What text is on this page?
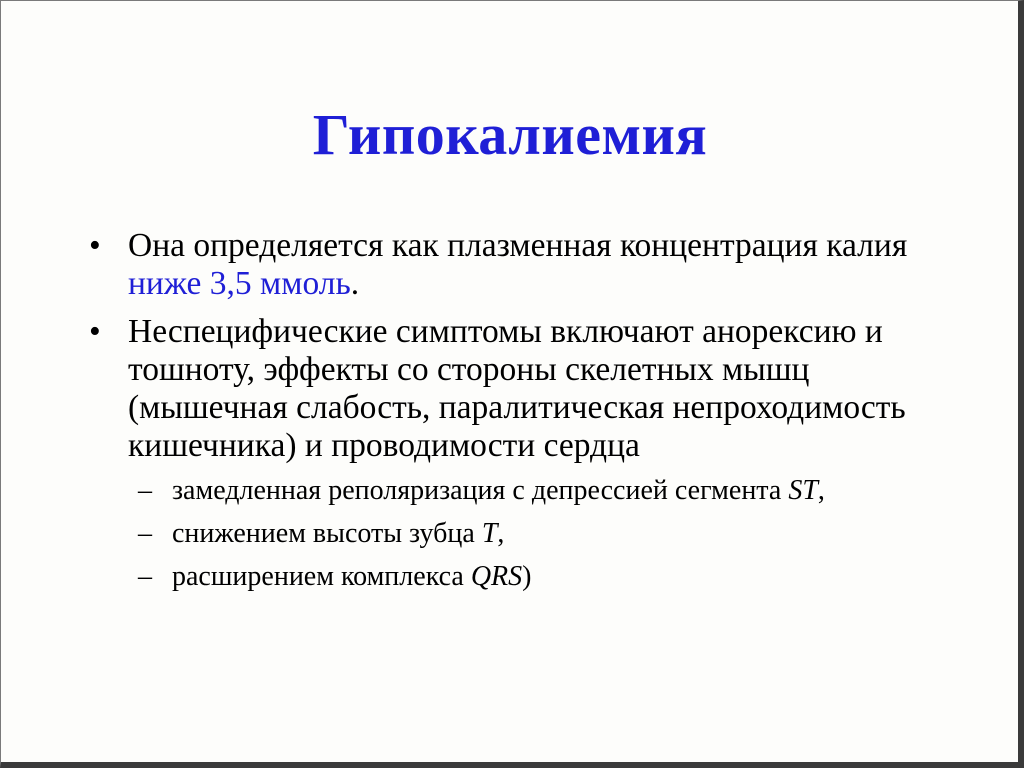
Гипокалиемия
• Она определяется как плазменная концентрация калия ниже 3,5 ммоль.
• Неспецифические симптомы включают анорексию и тошноту, эффекты со стороны скелетных мышц (мышечная слабость, паралитическая непроходимость кишечника) и проводимости сердца
– замедленная реполяризация с депрессией сегмента ST,
– снижением высоты зубца T,
– расширением комплекса QRS)
